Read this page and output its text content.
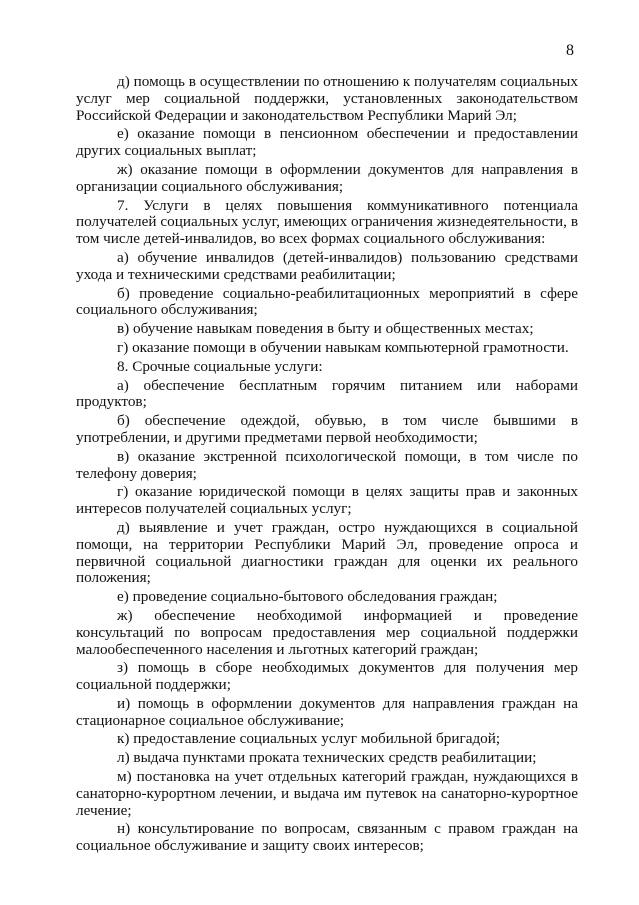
8

д) помощь в осуществлении по отношению к получателям социальных услуг мер социальной поддержки, установленных законодательством Российской Федерации и законодательством Республики Марий Эл;

е) оказание помощи в пенсионном обеспечении и предоставлении других социальных выплат;

ж) оказание помощи в оформлении документов для направления в организации социального обслуживания;

7. Услуги в целях повышения коммуникативного потенциала получателей социальных услуг, имеющих ограничения жизнедеятельности, в том числе детей-инвалидов, во всех формах социального обслуживания:

а) обучение инвалидов (детей-инвалидов) пользованию средствами ухода и техническими средствами реабилитации;

б) проведение социально-реабилитационных мероприятий в сфере социального обслуживания;

в) обучение навыкам поведения в быту и общественных местах;

г) оказание помощи в обучении навыкам компьютерной грамотности.

8. Срочные социальные услуги:

а) обеспечение бесплатным горячим питанием или наборами продуктов;

б) обеспечение одеждой, обувью, в том числе бывшими в употреблении, и другими предметами первой необходимости;

в) оказание экстренной психологической помощи, в том числе по телефону доверия;

г) оказание юридической помощи в целях защиты прав и законных интересов получателей социальных услуг;

д) выявление и учет граждан, остро нуждающихся в социальной помощи, на территории Республики Марий Эл, проведение опроса и первичной социальной диагностики граждан для оценки их реального положения;

е) проведение социально-бытового обследования граждан;

ж) обеспечение необходимой информацией и проведение консультаций по вопросам предоставления мер социальной поддержки малообеспеченного населения и льготных категорий граждан;

з) помощь в сборе необходимых документов для получения мер социальной поддержки;

и) помощь в оформлении документов для направления граждан на стационарное социальное обслуживание;

к) предоставление социальных услуг мобильной бригадой;

л) выдача пунктами проката технических средств реабилитации;

м) постановка на учет отдельных категорий граждан, нуждающихся в санаторно-курортном лечении, и выдача им путевок на санаторно-курортное лечение;

н) консультирование по вопросам, связанным с правом граждан на социальное обслуживание и защиту своих интересов;
